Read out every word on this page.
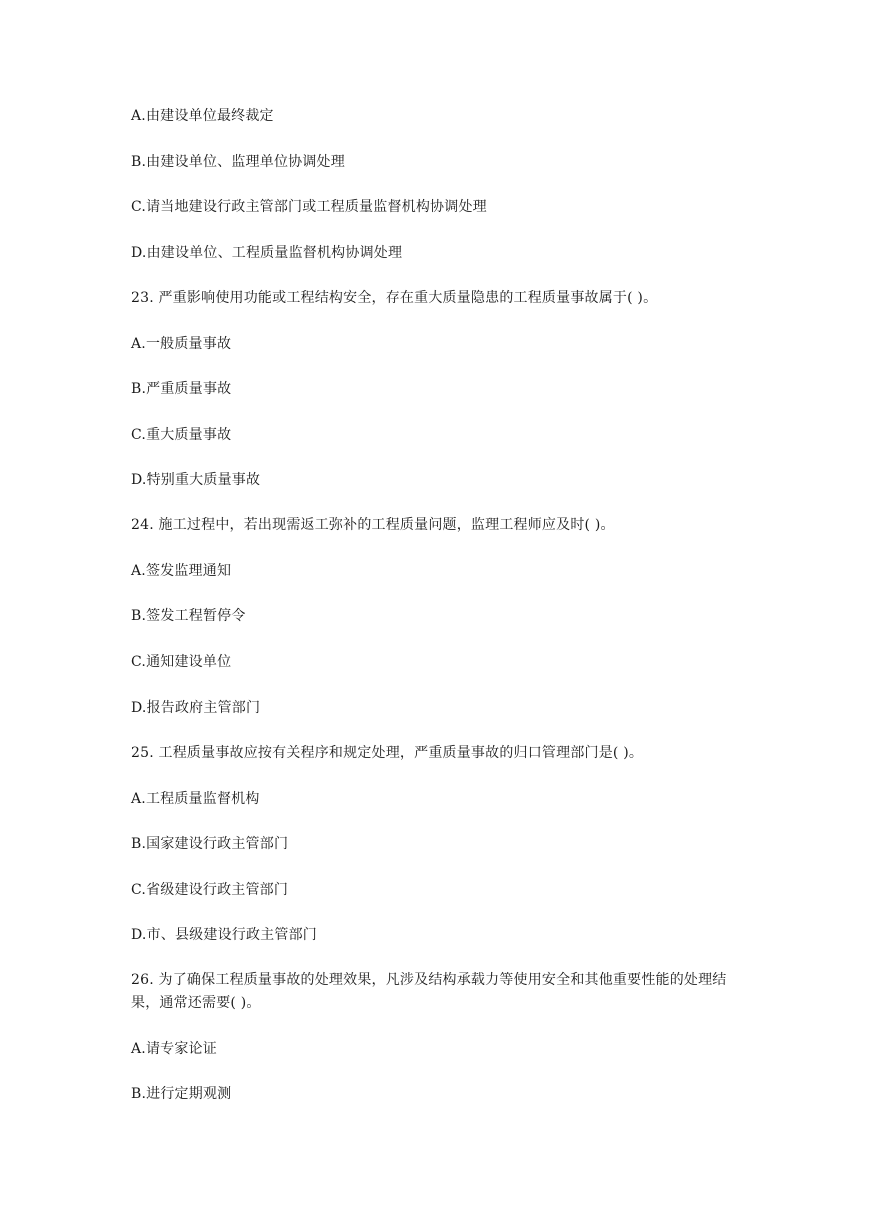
A.由建设单位最终裁定
B.由建设单位、监理单位协调处理
C.请当地建设行政主管部门或工程质量监督机构协调处理
D.由建设单位、工程质量监督机构协调处理
23. 严重影响使用功能或工程结构安全，存在重大质量隐患的工程质量事故属于( )。
A.一般质量事故
B.严重质量事故
C.重大质量事故
D.特别重大质量事故
24. 施工过程中，若出现需返工弥补的工程质量问题，监理工程师应及时( )。
A.签发监理通知
B.签发工程暂停令
C.通知建设单位
D.报告政府主管部门
25. 工程质量事故应按有关程序和规定处理，严重质量事故的归口管理部门是( )。
A.工程质量监督机构
B.国家建设行政主管部门
C.省级建设行政主管部门
D.市、县级建设行政主管部门
26. 为了确保工程质量事故的处理效果，凡涉及结构承载力等使用安全和其他重要性能的处理结果，通常还需要( )。
A.请专家论证
B.进行定期观测
